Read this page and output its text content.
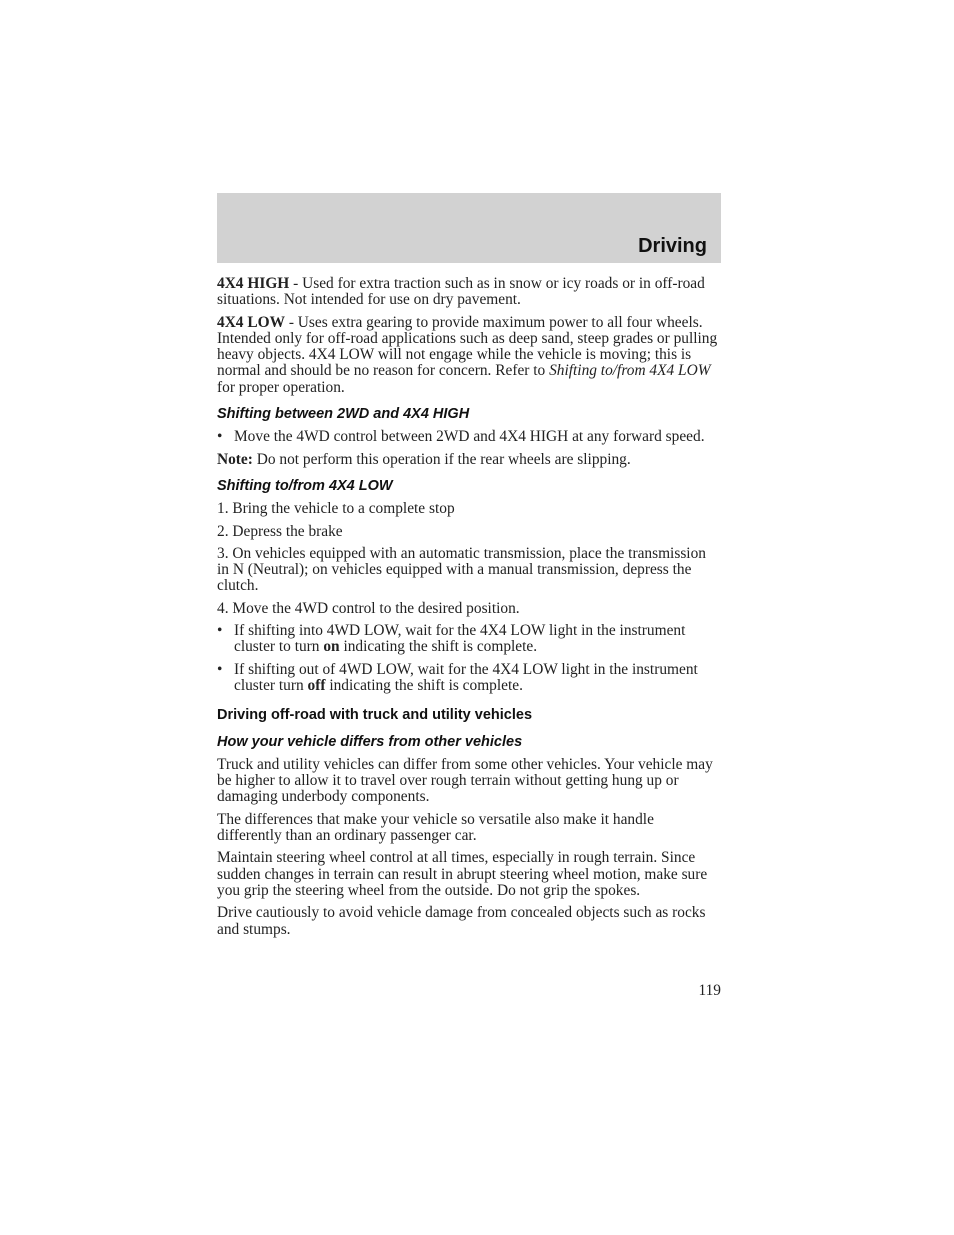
Driving

4X4 HIGH - Used for extra traction such as in snow or icy roads or in off-road situations. Not intended for use on dry pavement.

4X4 LOW - Uses extra gearing to provide maximum power to all four wheels. Intended only for off-road applications such as deep sand, steep grades or pulling heavy objects. 4X4 LOW will not engage while the vehicle is moving; this is normal and should be no reason for concern. Refer to Shifting to/from 4X4 LOW for proper operation.

Shifting between 2WD and 4X4 HIGH
• Move the 4WD control between 2WD and 4X4 HIGH at any forward speed.

Note: Do not perform this operation if the rear wheels are slipping.

Shifting to/from 4X4 LOW

1. Bring the vehicle to a complete stop

2. Depress the brake

3. On vehicles equipped with an automatic transmission, place the transmission in N (Neutral); on vehicles equipped with a manual transmission, depress the clutch.

4. Move the 4WD control to the desired position.

• If shifting into 4WD LOW, wait for the 4X4 LOW light in the instrument cluster to turn on indicating the shift is complete.
• If shifting out of 4WD LOW, wait for the 4X4 LOW light in the instrument cluster turn off indicating the shift is complete.
Driving off-road with truck and utility vehicles
How your vehicle differs from other vehicles

Truck and utility vehicles can differ from some other vehicles. Your vehicle may be higher to allow it to travel over rough terrain without getting hung up or damaging underbody components.

The differences that make your vehicle so versatile also make it handle differently than an ordinary passenger car.

Maintain steering wheel control at all times, especially in rough terrain. Since sudden changes in terrain can result in abrupt steering wheel motion, make sure you grip the steering wheel from the outside. Do not grip the spokes.

Drive cautiously to avoid vehicle damage from concealed objects such as rocks and stumps.

119
